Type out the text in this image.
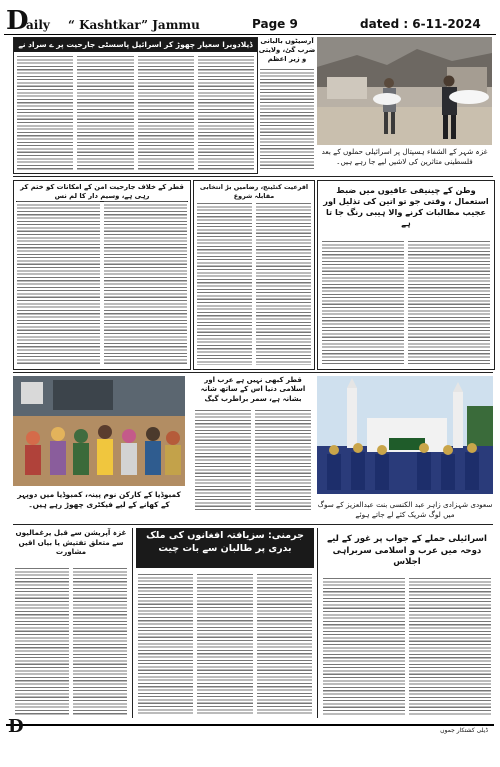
D
aily “ Kashtkar” Jammu	Page 9	dated : 6-11-2024
ڈیلادوبرا سعیار چھوڑ کر اسرائیل پاسسٹی جارحیت پر ے سراد نے	آرسیٹوں بالبانی ضرب گئ، ولایتی و زیر اعظم
غزہ شہر کے الشفاء ہسپتال پر اسرائیلی حملوں کے بعد فلسطینی متاثرین کی لاشیں لیے جا رہے ہیں۔
قطر کے خلاف جارحیت امن کے امکانات کو ختم کر رہی ہے، وسیم دار کا لم نس
اقرعیت کنٹینج، رضامیں بڑ انتخابی مقابلہ شروع
وطن کے چینیقی عاقیوں میں ضبط استعمال ، وقتی جو تو اتین کی تذلیل اور عجیب مطالبات کرنے والا ہیبی رنگ جا تا ہے
کمبوڈیا کے کارکن نوم پینہ، کمبوڈیا میں دوپہر کے کھانے کے لیے فیکٹری چھوڑ رہے ہیں۔
قطر کبھی نہیں ہے عرب اور اسلامی دنیا اس کے ساتھ شانہ بشانہ ہے، سمر براطرب گیگ
سعودی شہزادی زاہر عبد الکنسی بنت عبدالعزیز کے سوگ میں لوگ شریک کئے لے جاتے ہوئے
غزہ آپریشن سے قبل یرغمالیوں سے متعلق تفتیش یا بیاں اقیں مشاورت
جرمنی: سزیافتہ افغانوں کی ملک بدری پر طالبان سے بات چیت
اسرائیلی حملے کے جواب پر غور کے لیے دوحہ میں عرب و اسلامی سربراہی اجلاس
D	ڈیلی کشتکار جموں
